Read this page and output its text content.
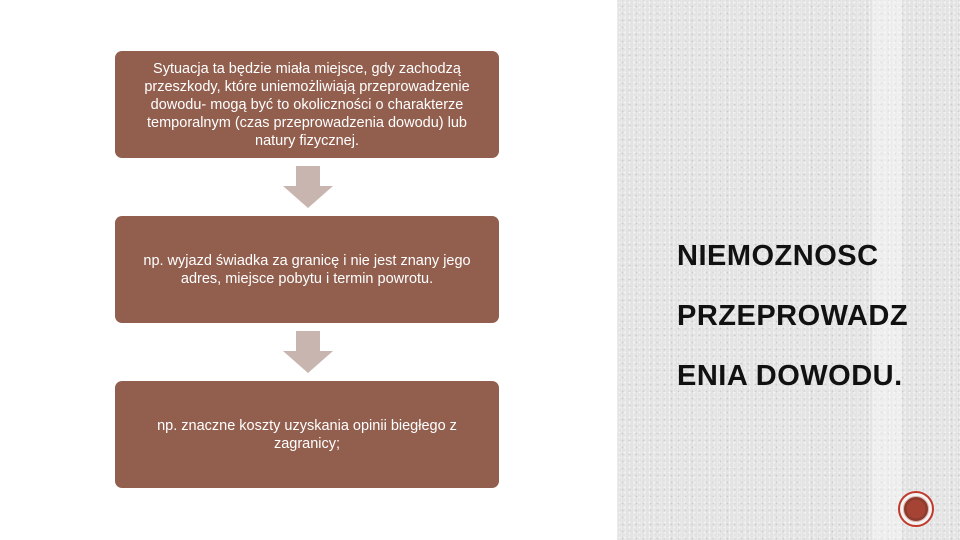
NIEMOZNOSC

PRZEPROWADZ

ENIA DOWODU.

Sytuacja ta będzie miała miejsce, gdy zachodzą przeszkody, które uniemożliwiają przeprowadzenie dowodu- mogą być to okoliczności o charakterze temporalnym (czas przeprowadzenia dowodu) lub natury fizycznej.
np. wyjazd świadka za granicę i nie jest znany jego adres, miejsce pobytu i termin powrotu.
np. znaczne koszty uzyskania opinii biegłego z zagranicy;
